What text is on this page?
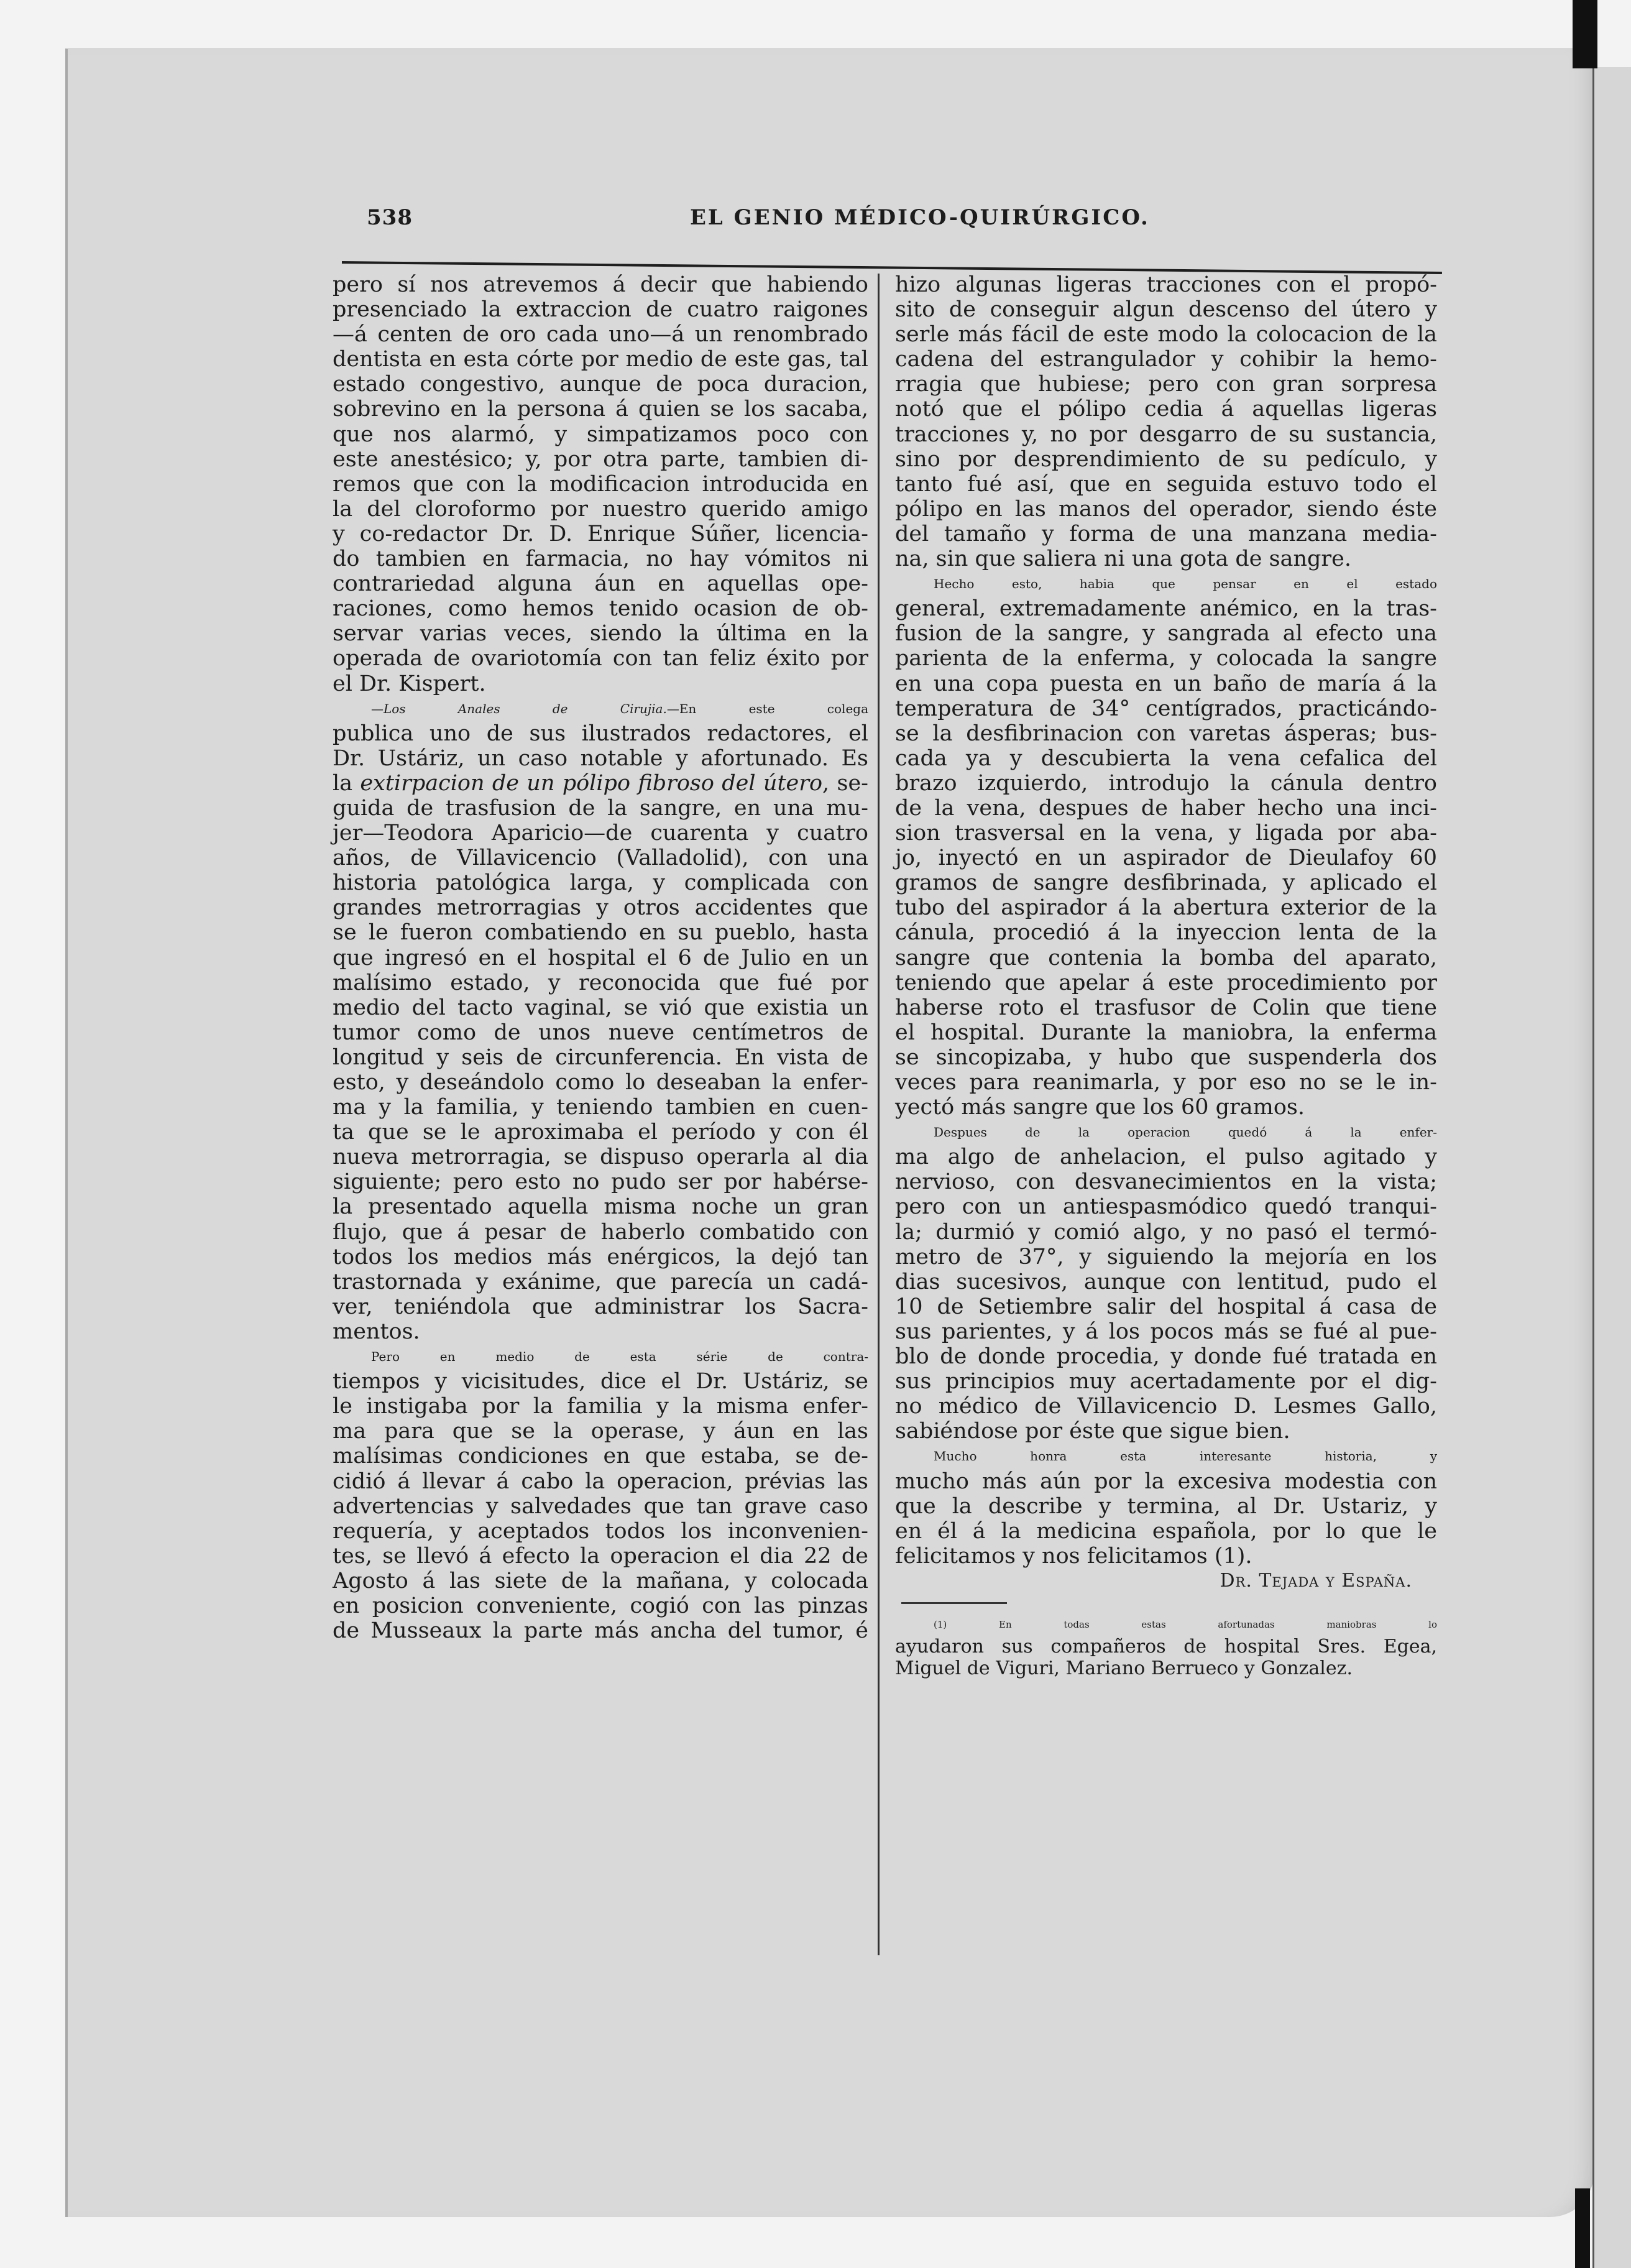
538	EL GENIO MÉDICO-QUIRÚRGICO.
pero sí nos atrevemos á decir que habiendo
presenciado la extraccion de cuatro raigones
—á centen de oro cada uno—á un renombrado
dentista en esta córte por medio de este gas, tal
estado congestivo, aunque de poca duracion,
sobrevino en la persona á quien se los sacaba,
que nos alarmó, y simpatizamos poco con
este anestésico; y, por otra parte, tambien di-
remos que con la modificacion introducida en
la del cloroformo por nuestro querido amigo
y co-redactor Dr. D. Enrique Súñer, licencia-
do tambien en farmacia, no hay vómitos ni
contrariedad alguna áun en aquellas ope-
raciones, como hemos tenido ocasion de ob-
servar varias veces, siendo la última en la
operada de ovariotomía con tan feliz éxito por
el Dr. Kispert.
—Los Anales de Cirujia.—En este colega
publica uno de sus ilustrados redactores, el
Dr. Ustáriz, un caso notable y afortunado. Es
la extirpacion de un pólipo fibroso del útero, se-
guida de trasfusion de la sangre, en una mu-
jer—Teodora Aparicio—de cuarenta y cuatro
años, de Villavicencio (Valladolid), con una
historia patológica larga, y complicada con
grandes metrorragias y otros accidentes que
se le fueron combatiendo en su pueblo, hasta
que ingresó en el hospital el 6 de Julio en un
malísimo estado, y reconocida que fué por
medio del tacto vaginal, se vió que existia un
tumor como de unos nueve centímetros de
longitud y seis de circunferencia. En vista de
esto, y deseándolo como lo deseaban la enfer-
ma y la familia, y teniendo tambien en cuen-
ta que se le aproximaba el período y con él
nueva metrorragia, se dispuso operarla al dia
siguiente; pero esto no pudo ser por habérse-
la presentado aquella misma noche un gran
flujo, que á pesar de haberlo combatido con
todos los medios más enérgicos, la dejó tan
trastornada y exánime, que parecía un cadá-
ver, teniéndola que administrar los Sacra-
mentos.
Pero en medio de esta série de contra-
tiempos y vicisitudes, dice el Dr. Ustáriz, se
le instigaba por la familia y la misma enfer-
ma para que se la operase, y áun en las
malísimas condiciones en que estaba, se de-
cidió á llevar á cabo la operacion, prévias las
advertencias y salvedades que tan grave caso
requería, y aceptados todos los inconvenien-
tes, se llevó á efecto la operacion el dia 22 de
Agosto á las siete de la mañana, y colocada
en posicion conveniente, cogió con las pinzas
de Musseaux la parte más ancha del tumor, é
hizo algunas ligeras tracciones con el propó-
sito de conseguir algun descenso del útero y
serle más fácil de este modo la colocacion de la
cadena del estrangulador y cohibir la hemo-
rragia que hubiese; pero con gran sorpresa
notó que el pólipo cedia á aquellas ligeras
tracciones y, no por desgarro de su sustancia,
sino por desprendimiento de su pedículo, y
tanto fué así, que en seguida estuvo todo el
pólipo en las manos del operador, siendo éste
del tamaño y forma de una manzana media-
na, sin que saliera ni una gota de sangre.
Hecho esto, habia que pensar en el estado
general, extremadamente anémico, en la tras-
fusion de la sangre, y sangrada al efecto una
parienta de la enferma, y colocada la sangre
en una copa puesta en un baño de maría á la
temperatura de 34° centígrados, practicándo-
se la desfibrinacion con varetas ásperas; bus-
cada ya y descubierta la vena cefalica del
brazo izquierdo, introdujo la cánula dentro
de la vena, despues de haber hecho una inci-
sion trasversal en la vena, y ligada por aba-
jo, inyectó en un aspirador de Dieulafoy 60
gramos de sangre desfibrinada, y aplicado el
tubo del aspirador á la abertura exterior de la
cánula, procedió á la inyeccion lenta de la
sangre que contenia la bomba del aparato,
teniendo que apelar á este procedimiento por
haberse roto el trasfusor de Colin que tiene
el hospital. Durante la maniobra, la enferma
se sincopizaba, y hubo que suspenderla dos
veces para reanimarla, y por eso no se le in-
yectó más sangre que los 60 gramos.
Despues de la operacion quedó á la enfer-
ma algo de anhelacion, el pulso agitado y
nervioso, con desvanecimientos en la vista;
pero con un antiespasmódico quedó tranqui-
la; durmió y comió algo, y no pasó el termó-
metro de 37°, y siguiendo la mejoría en los
dias sucesivos, aunque con lentitud, pudo el
10 de Setiembre salir del hospital á casa de
sus parientes, y á los pocos más se fué al pue-
blo de donde procedia, y donde fué tratada en
sus principios muy acertadamente por el dig-
no médico de Villavicencio D. Lesmes Gallo,
sabiéndose por éste que sigue bien.
Mucho honra esta interesante historia, y
mucho más aún por la excesiva modestia con
que la describe y termina, al Dr. Ustariz, y
en él á la medicina española, por lo que le
felicitamos y nos felicitamos (1).
Dr. Tejada y España.
(1) En todas estas afortunadas maniobras lo
ayudaron sus compañeros de hospital Sres. Egea,
Miguel de Viguri, Mariano Berrueco y Gonzalez.
